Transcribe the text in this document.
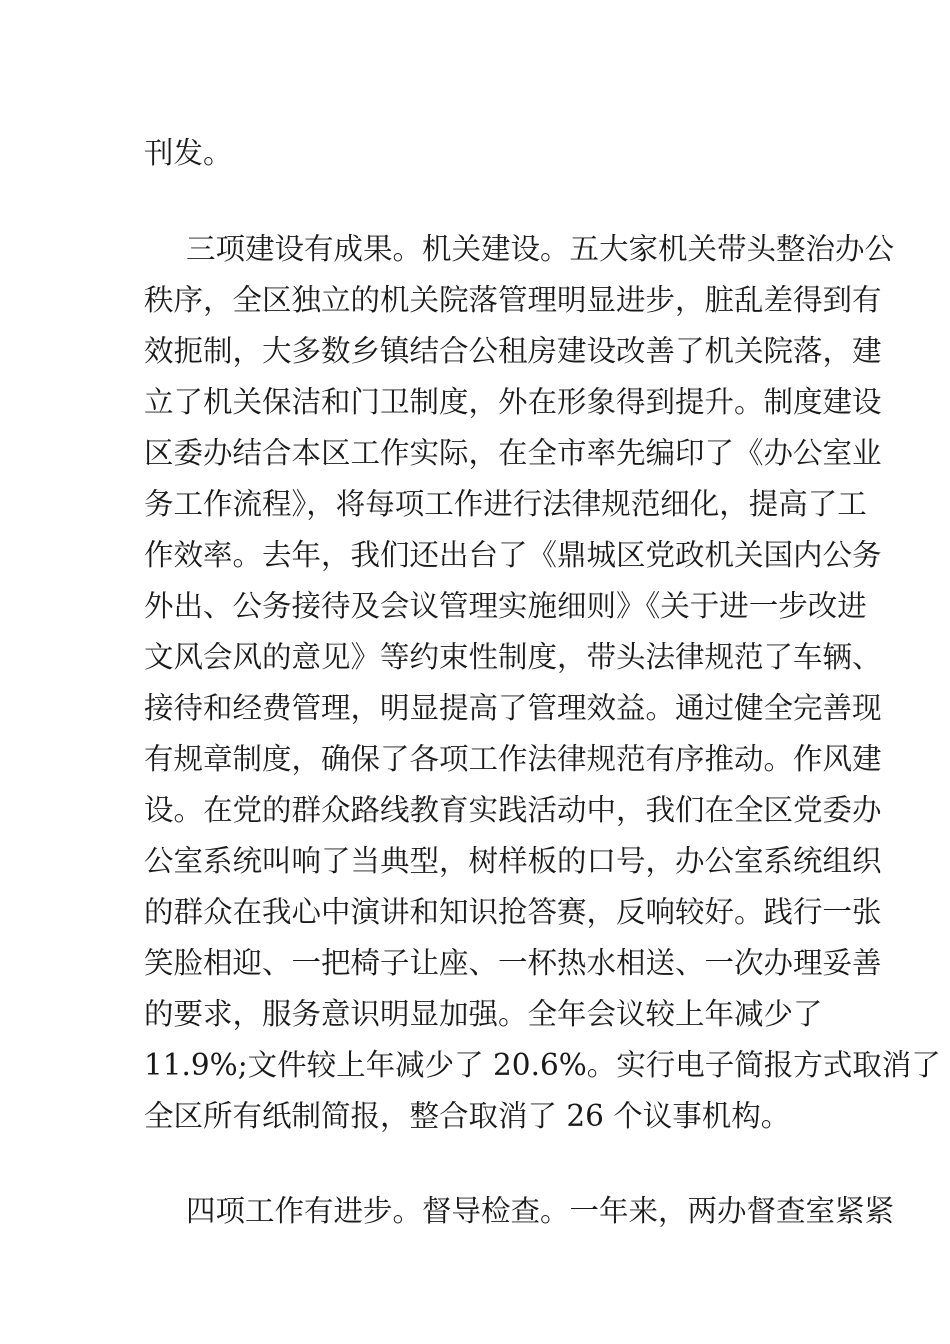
刊发。
三项建设有成果。机关建设。五大家机关带头整治办公
秩序，全区独立的机关院落管理明显进步，脏乱差得到有
效扼制，大多数乡镇结合公租房建设改善了机关院落，建
立了机关保洁和门卫制度，外在形象得到提升。制度建设
区委办结合本区工作实际，在全市率先编印了《办公室业
务工作流程》，将每项工作进行法律规范细化，提高了工
作效率。去年，我们还出台了《鼎城区党政机关国内公务
外出、公务接待及会议管理实施细则》《关于进一步改进
文风会风的意见》等约束性制度，带头法律规范了车辆、
接待和经费管理，明显提高了管理效益。通过健全完善现
有规章制度，确保了各项工作法律规范有序推动。作风建
设。在党的群众路线教育实践活动中，我们在全区党委办
公室系统叫响了当典型，树样板的口号，办公室系统组织
的群众在我心中演讲和知识抢答赛，反响较好。践行一张
笑脸相迎、一把椅子让座、一杯热水相送、一次办理妥善
的要求，服务意识明显加强。全年会议较上年减少了
11.9%;文件较上年减少了 20.6%。实行电子简报方式取消了
全区所有纸制简报，整合取消了 26 个议事机构。
四项工作有进步。督导检查。一年来，两办督查室紧紧
